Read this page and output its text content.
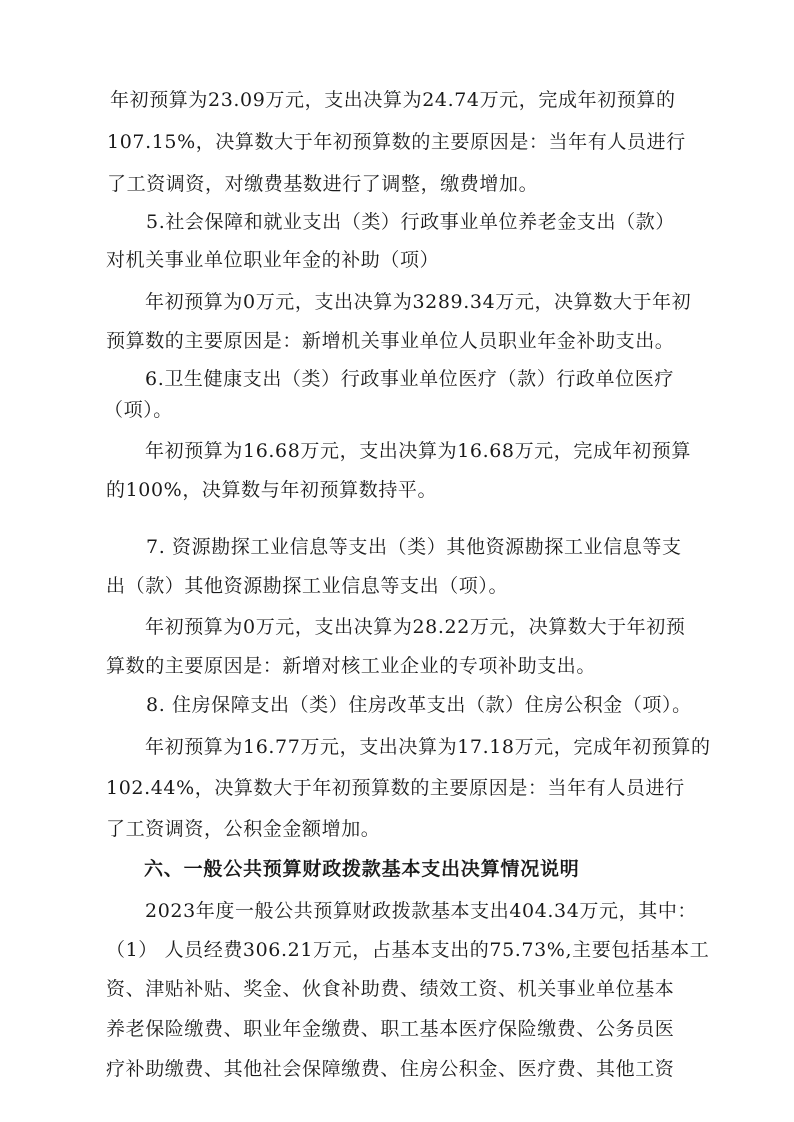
年初预算为23.09万元，支出决算为24.74万元，完成年初预算的
107.15%，决算数大于年初预算数的主要原因是：当年有人员进行
了工资调资，对缴费基数进行了调整，缴费增加。
5.社会保障和就业支出（类）行政事业单位养老金支出（款）
对机关事业单位职业年金的补助（项）
年初预算为0万元，支出决算为3289.34万元，决算数大于年初
预算数的主要原因是：新增机关事业单位人员职业年金补助支出。
6.卫生健康支出（类）行政事业单位医疗（款）行政单位医疗
（项）。
年初预算为16.68万元，支出决算为16.68万元，完成年初预算
的100%，决算数与年初预算数持平。
7. 资源勘探工业信息等支出（类）其他资源勘探工业信息等支
出（款）其他资源勘探工业信息等支出（项）。
年初预算为0万元，支出决算为28.22万元，决算数大于年初预
算数的主要原因是：新增对核工业企业的专项补助支出。
8. 住房保障支出（类）住房改革支出（款）住房公积金（项）。
年初预算为16.77万元，支出决算为17.18万元，完成年初预算的
102.44%，决算数大于年初预算数的主要原因是：当年有人员进行
了工资调资，公积金金额增加。
六、一般公共预算财政拨款基本支出决算情况说明
2023年度一般公共预算财政拨款基本支出404.34万元，其中：
（1） 人员经费306.21万元，占基本支出的75.73%,主要包括基本工
资、津贴补贴、奖金、伙食补助费、绩效工资、机关事业单位基本
养老保险缴费、职业年金缴费、职工基本医疗保险缴费、公务员医
疗补助缴费、其他社会保障缴费、住房公积金、医疗费、其他工资
